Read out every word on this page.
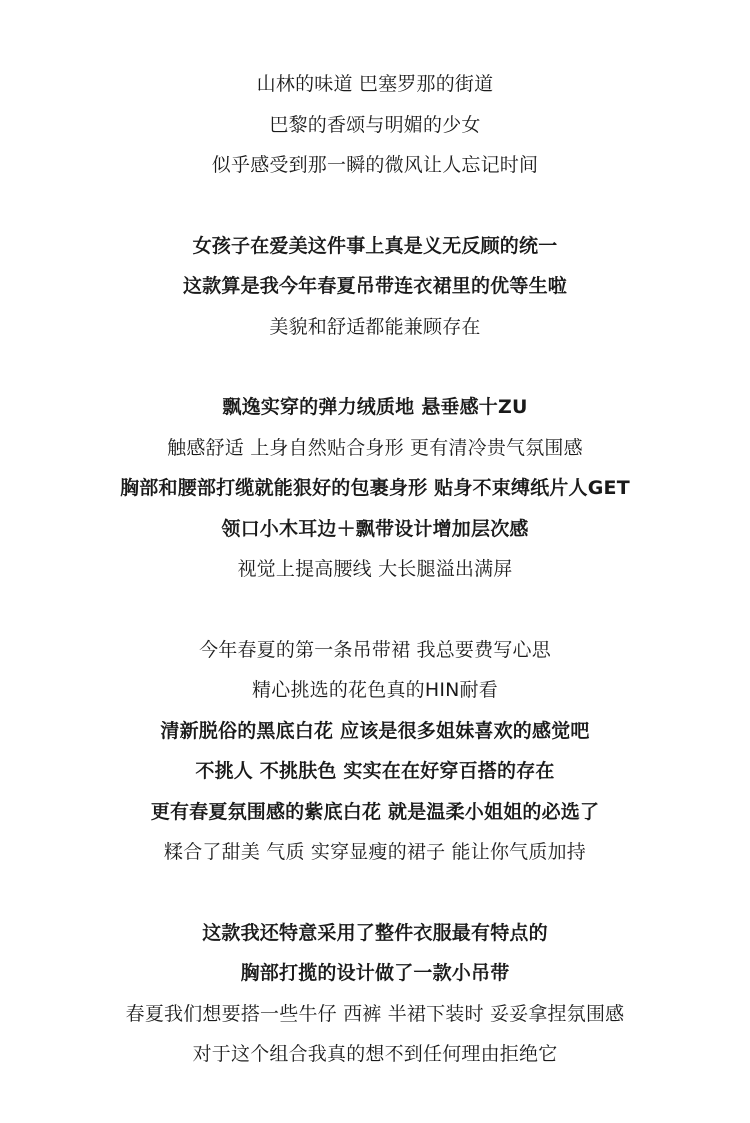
山林的味道 巴塞罗那的街道
巴黎的香颂与明媚的少女
似乎感受到那一瞬的微风让人忘记时间
女孩子在爱美这件事上真是义无反顾的统一
这款算是我今年春夏吊带连衣裙里的优等生啦
美貌和舒适都能兼顾存在
飘逸实穿的弹力绒质地 悬垂感十ZU
触感舒适 上身自然贴合身形 更有清冷贵气氛围感
胸部和腰部打缆就能狠好的包裹身形 贴身不束缚纸片人GET
领口小木耳边＋飘带设计增加层次感
视觉上提高腰线 大长腿溢出满屏
今年春夏的第一条吊带裙 我总要费写心思
精心挑选的花色真的HIN耐看
清新脱俗的黑底白花 应该是很多姐妹喜欢的感觉吧
不挑人 不挑肤色 实实在在好穿百搭的存在
更有春夏氛围感的紫底白花 就是温柔小姐姐的必选了
糅合了甜美 气质 实穿显瘦的裙子 能让你气质加持
这款我还特意采用了整件衣服最有特点的
胸部打揽的设计做了一款小吊带
春夏我们想要搭一些牛仔 西裤 半裙下装时 妥妥拿捏氛围感
对于这个组合我真的想不到任何理由拒绝它
